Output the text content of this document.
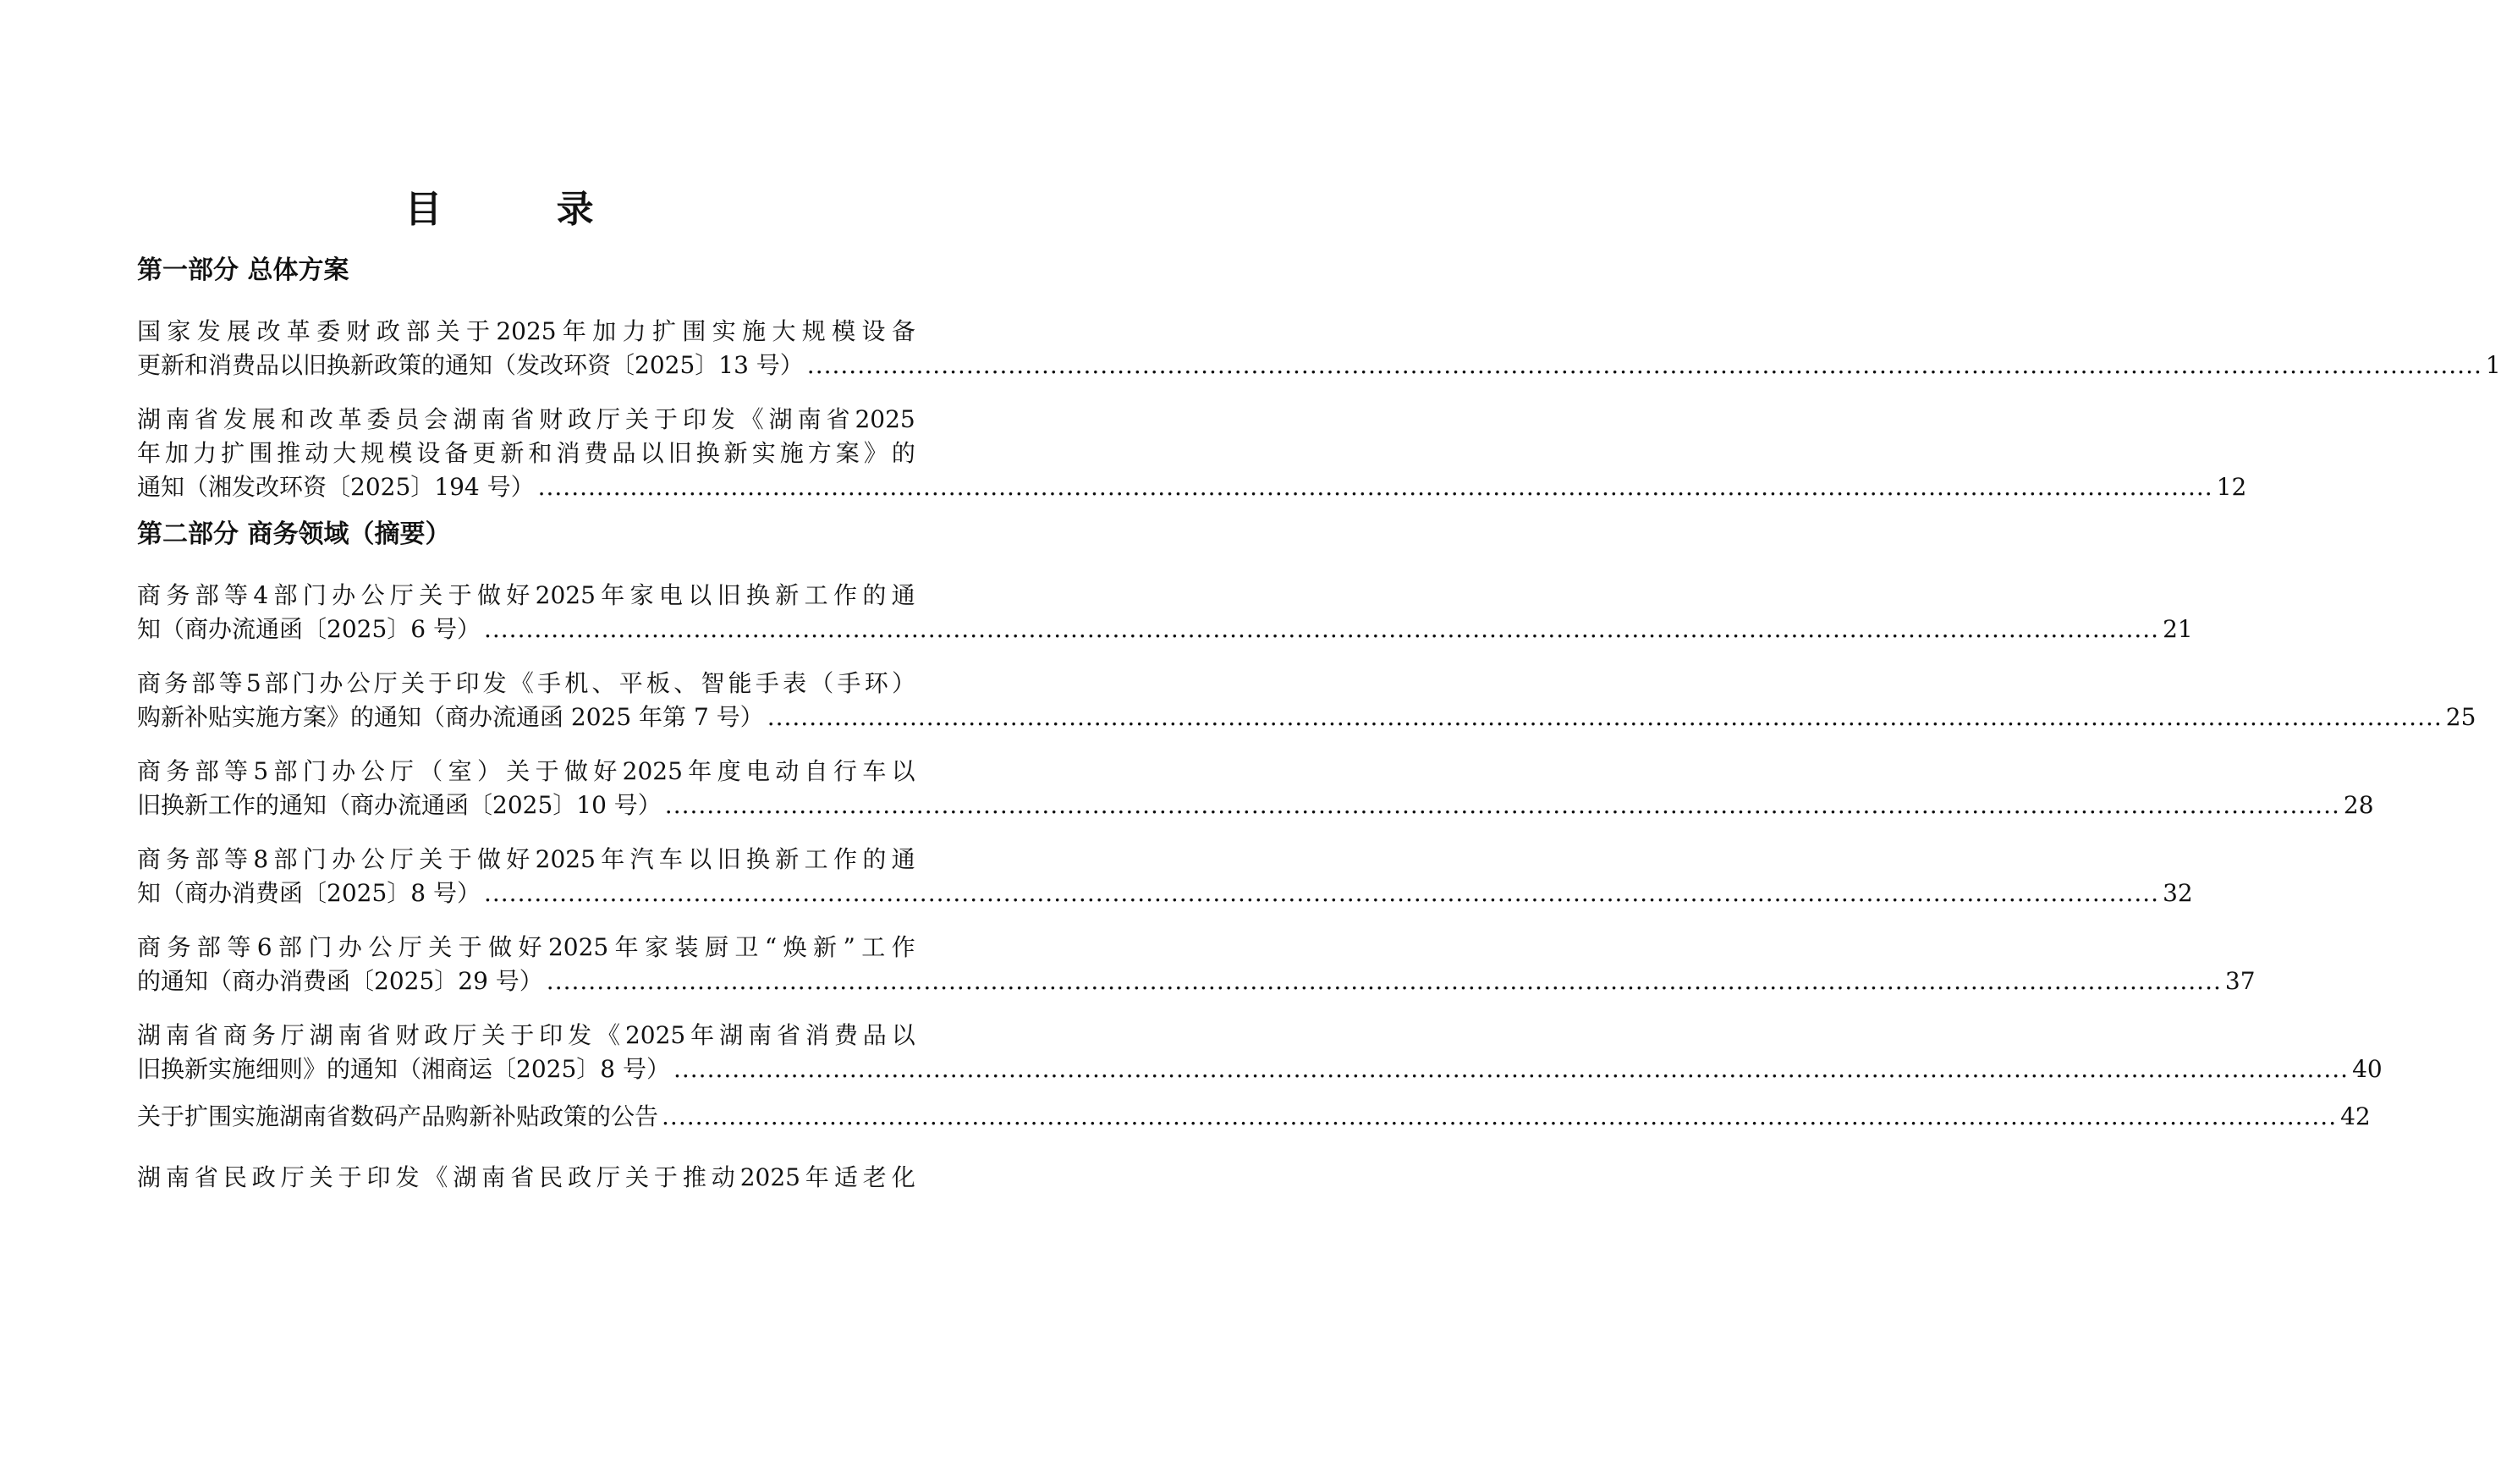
目 录
第一部分 总体方案
国 家 发 展 改 革 委 财 政 部 关 于 2025 年 加 力 扩 围 实 施 大 规 模 设 备
更新和消费品以旧换新政策的通知（发改环资〔2025〕13 号） ........................................................................................................................................................................................................ 1
湖 南 省 发 展 和 改 革 委 员 会 湖 南 省 财 政 厅 关 于 印 发 《 湖 南 省 2025
年 加 力 扩 围 推 动 大 规 模 设 备 更 新 和 消 费 品 以 旧 换 新 实 施 方 案 》 的
通知（湘发改环资〔2025〕194 号） ........................................................................................................................................................................................................ 12
第二部分 商务领域（摘要）
商 务 部 等 4 部 门 办 公 厅 关 于 做 好 2025 年 家 电 以 旧 换 新 工 作 的 通
知（商办流通函〔2025〕6 号） ........................................................................................................................................................................................................ 21
商 务 部 等 5 部 门 办 公 厅 关 于 印 发 《 手 机 、 平 板 、 智 能 手 表 （ 手 环 ）
购新补贴实施方案》的通知（商办流通函 2025 年第 7 号） ........................................................................................................................................................................................................ 25
商 务 部 等 5 部 门 办 公 厅 （ 室 ） 关 于 做 好 2025 年 度 电 动 自 行 车 以
旧换新工作的通知（商办流通函〔2025〕10 号） ........................................................................................................................................................................................................ 28
商 务 部 等 8 部 门 办 公 厅 关 于 做 好 2025 年 汽 车 以 旧 换 新 工 作 的 通
知（商办消费函〔2025〕8 号） ........................................................................................................................................................................................................ 32
商 务 部 等 6 部 门 办 公 厅 关 于 做 好 2025 年 家 装 厨 卫 “ 焕 新 ” 工 作
的通知（商办消费函〔2025〕29 号） ........................................................................................................................................................................................................ 37
湖 南 省 商 务 厅 湖 南 省 财 政 厅 关 于 印 发 《 2025 年 湖 南 省 消 费 品 以
旧换新实施细则》的通知（湘商运〔2025〕8 号） ........................................................................................................................................................................................................ 40
关于扩围实施湖南省数码产品购新补贴政策的公告 ........................................................................................................................................................................................................ 42
湖 南 省 民 政 厅 关 于 印 发 《 湖 南 省 民 政 厅 关 于 推 动 2025 年 适 老 化
